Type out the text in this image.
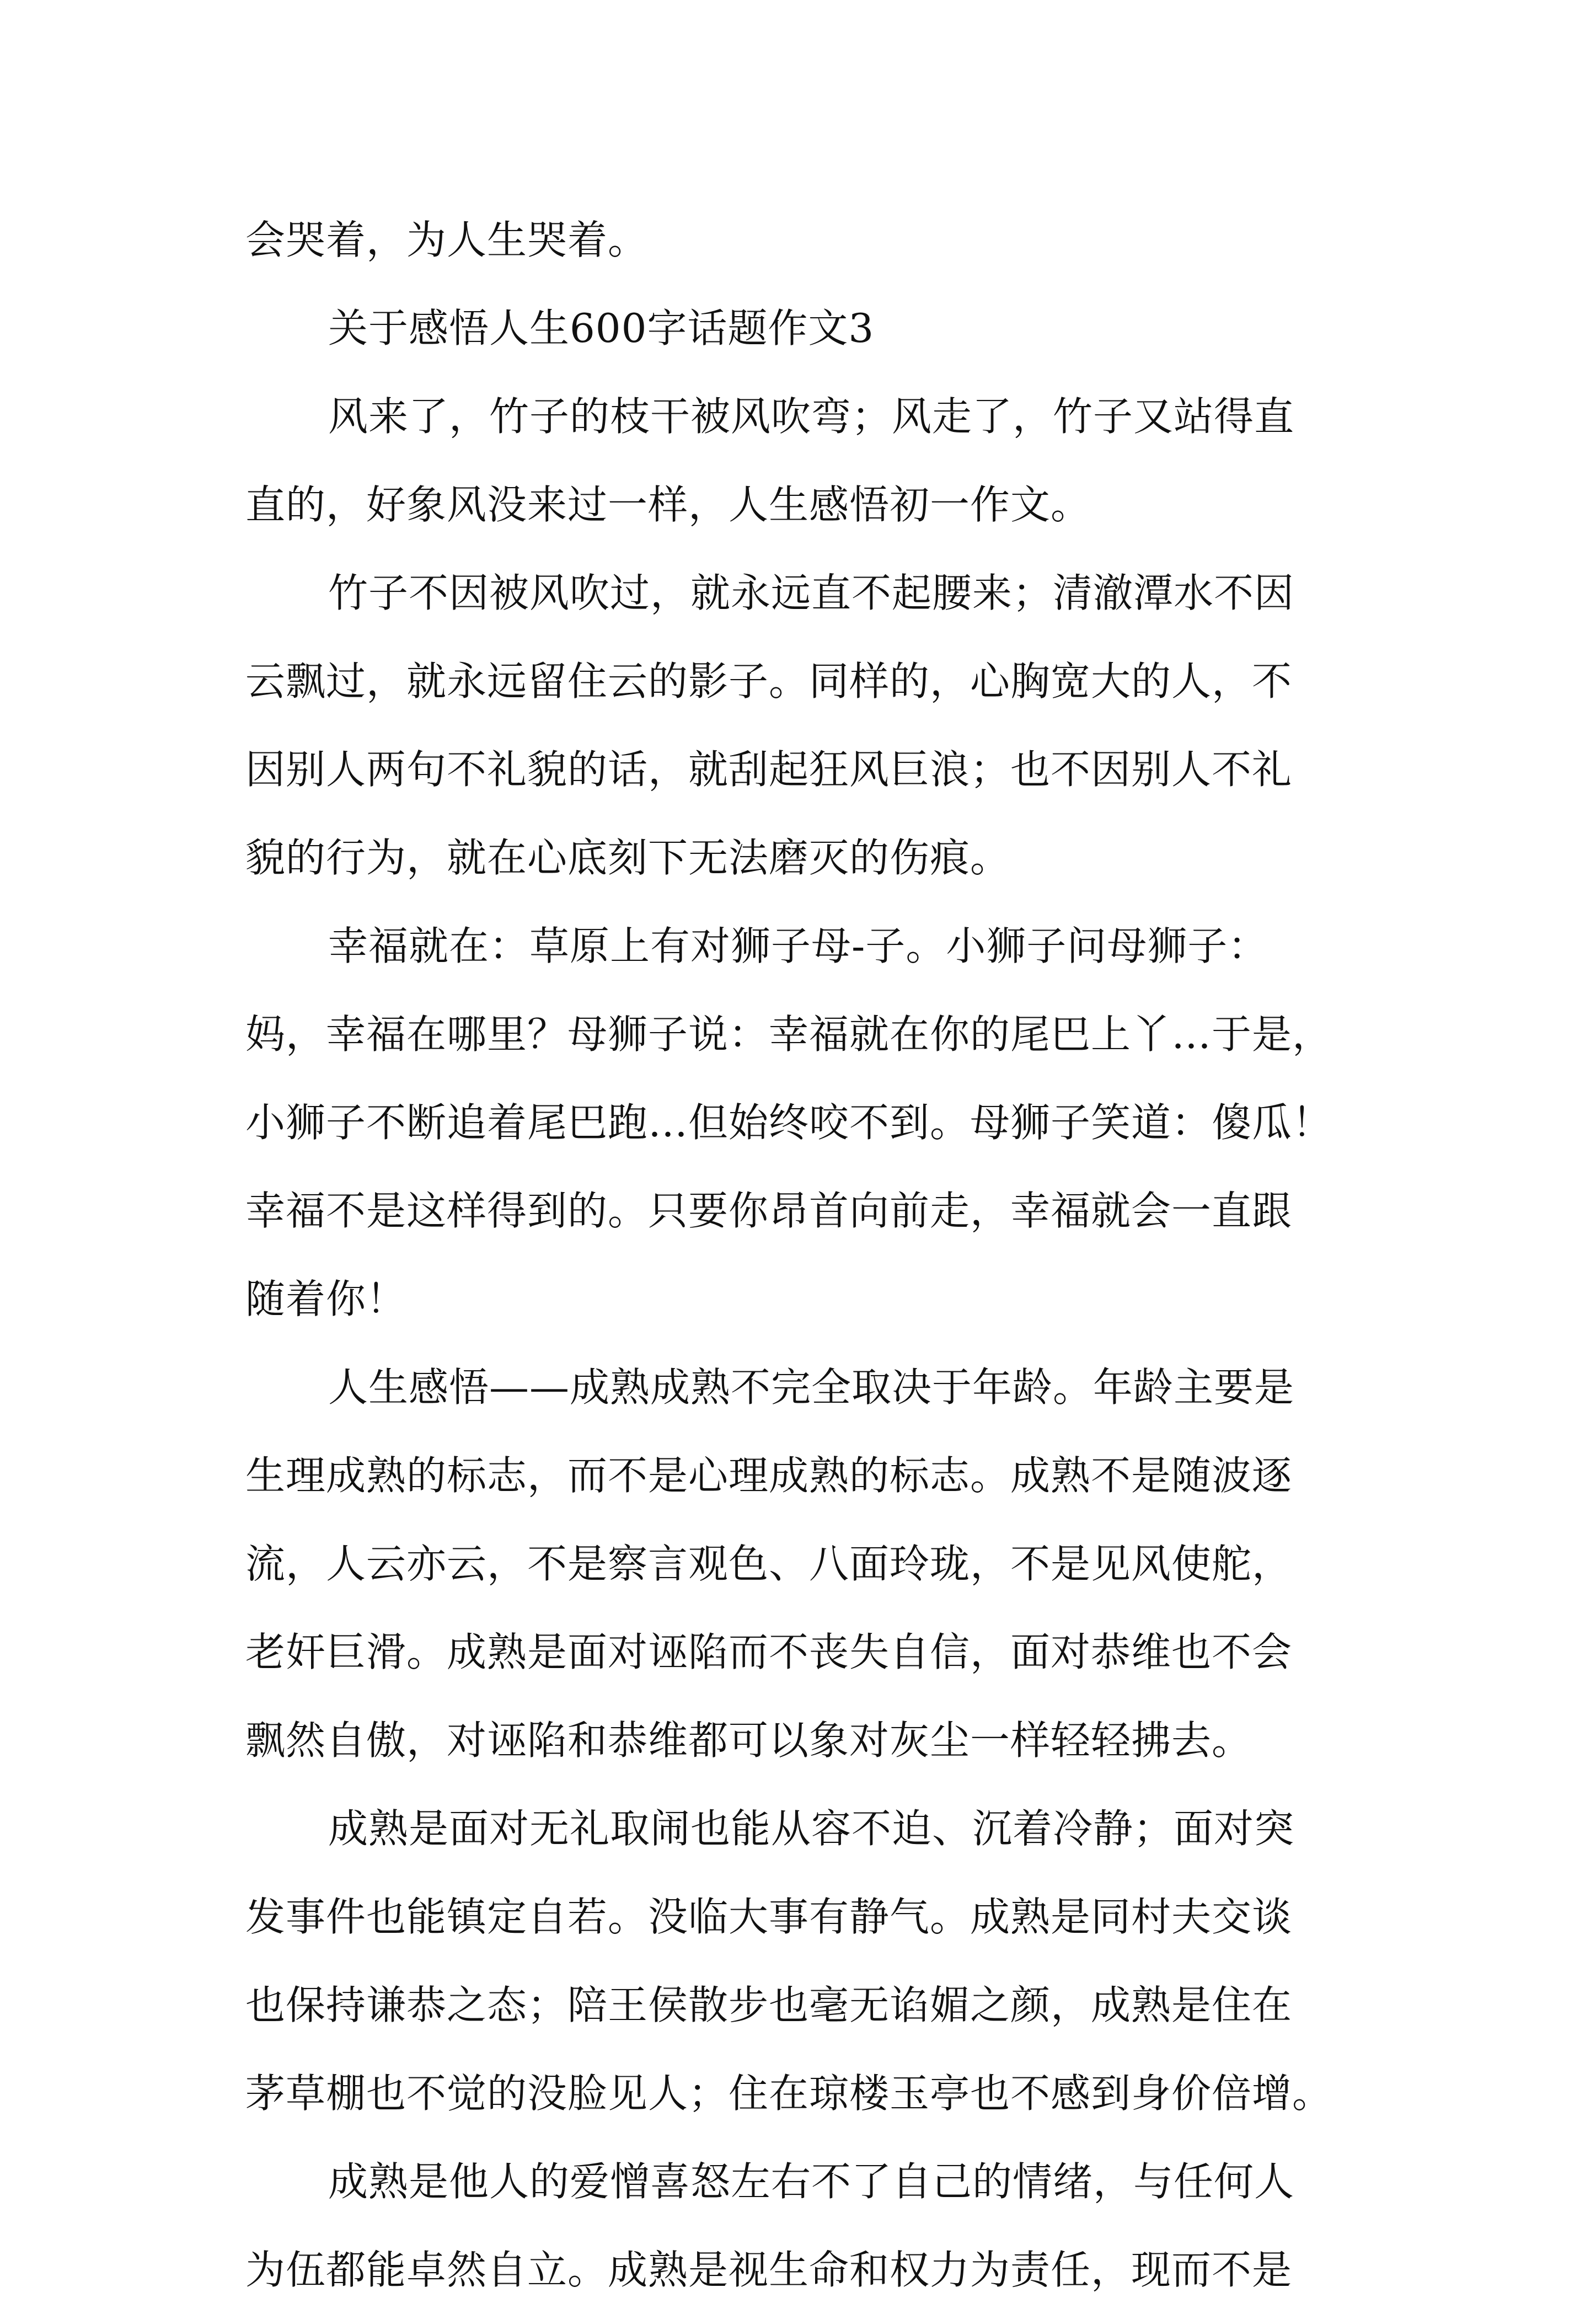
会哭着，为人生哭着。
关于感悟人生600字话题作文3
风来了，竹子的枝干被风吹弯；风走了，竹子又站得直
直的，好象风没来过一样，人生感悟初一作文。
竹子不因被风吹过，就永远直不起腰来；清澈潭水不因
云飘过，就永远留住云的影子。同样的，心胸宽大的人，不
因别人两句不礼貌的话，就刮起狂风巨浪；也不因别人不礼
貌的行为，就在心底刻下无法磨灭的伤痕。
幸福就在：草原上有对狮子母-子。小狮子问母狮子：
妈，幸福在哪里？母狮子说：幸福就在你的尾巴上丫…于是，
小狮子不断追着尾巴跑…但始终咬不到。母狮子笑道：傻瓜！
幸福不是这样得到的。只要你昂首向前走，幸福就会一直跟
随着你！
人生感悟——成熟成熟不完全取决于年龄。年龄主要是
生理成熟的标志，而不是心理成熟的标志。成熟不是随波逐
流，人云亦云，不是察言观色、八面玲珑，不是见风使舵，
老奸巨滑。成熟是面对诬陷而不丧失自信，面对恭维也不会
飘然自傲，对诬陷和恭维都可以象对灰尘一样轻轻拂去。
成熟是面对无礼取闹也能从容不迫、沉着冷静；面对突
发事件也能镇定自若。没临大事有静气。成熟是同村夫交谈
也保持谦恭之态；陪王侯散步也毫无谄媚之颜，成熟是住在
茅草棚也不觉的没脸见人；住在琼楼玉亭也不感到身价倍增。
成熟是他人的爱憎喜怒左右不了自己的情绪，与任何人
为伍都能卓然自立。成熟是视生命和权力为责任，现而不是
